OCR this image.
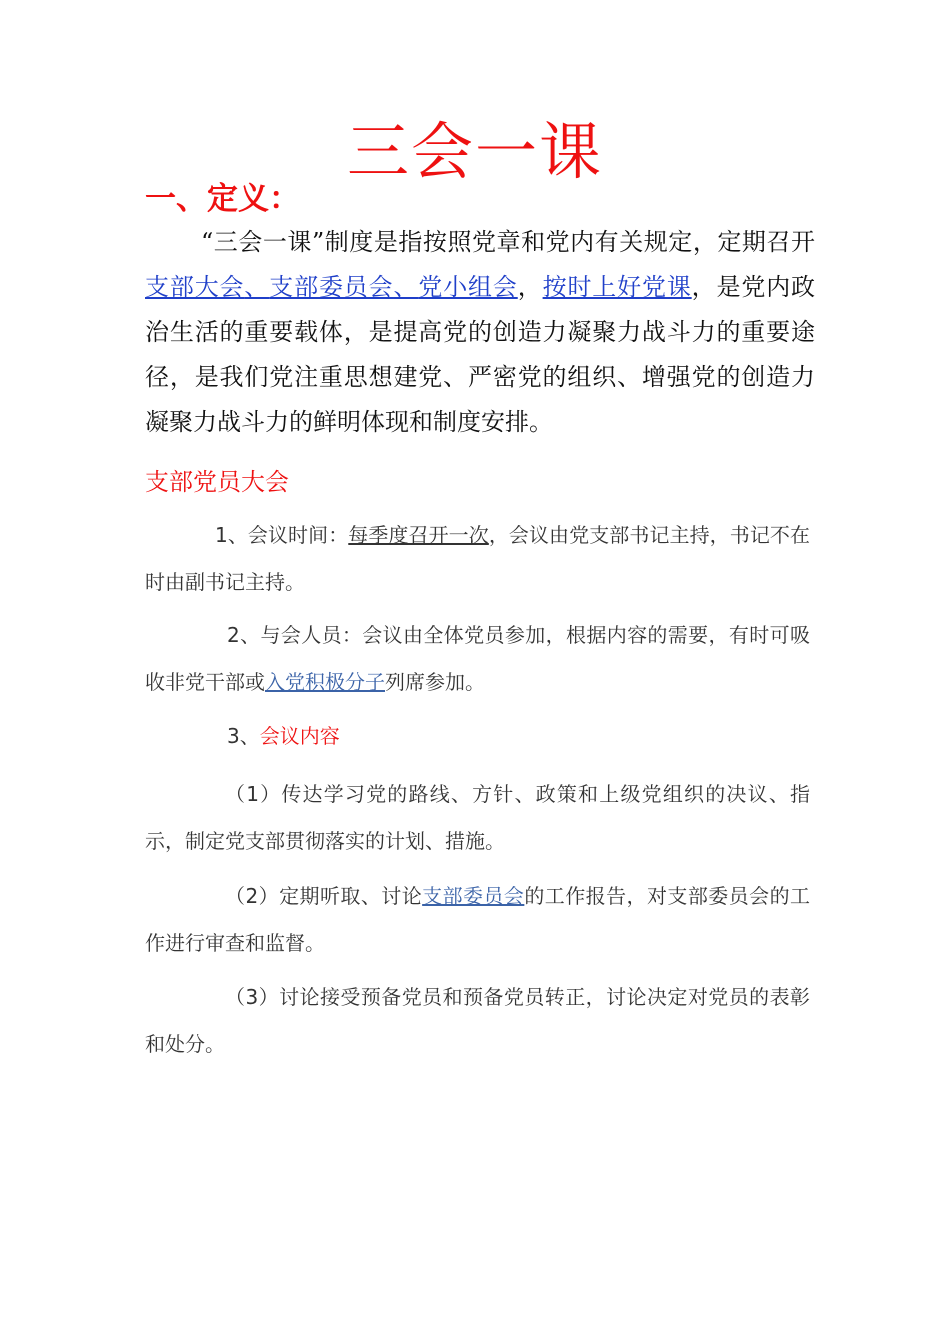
三会一课
一、定义：
“三会一课”制度是指按照党章和党内有关规定，定期召开支部大会、支部委员会、党小组会，按时上好党课，是党内政治生活的重要载体，是提高党的创造力凝聚力战斗力的重要途径，是我们党注重思想建党、严密党的组织、增强党的创造力凝聚力战斗力的鲜明体现和制度安排。
支部党员大会
1、会议时间：每季度召开一次，会议由党支部书记主持，书记不在时由副书记主持。
2、与会人员：会议由全体党员参加，根据内容的需要，有时可吸收非党干部或入党积极分子列席参加。
3、会议内容
（1）传达学习党的路线、方针、政策和上级党组织的决议、指示，制定党支部贯彻落实的计划、措施。
（2）定期听取、讨论支部委员会的工作报告，对支部委员会的工作进行审查和监督。
（3）讨论接受预备党员和预备党员转正，讨论决定对党员的表彰和处分。
